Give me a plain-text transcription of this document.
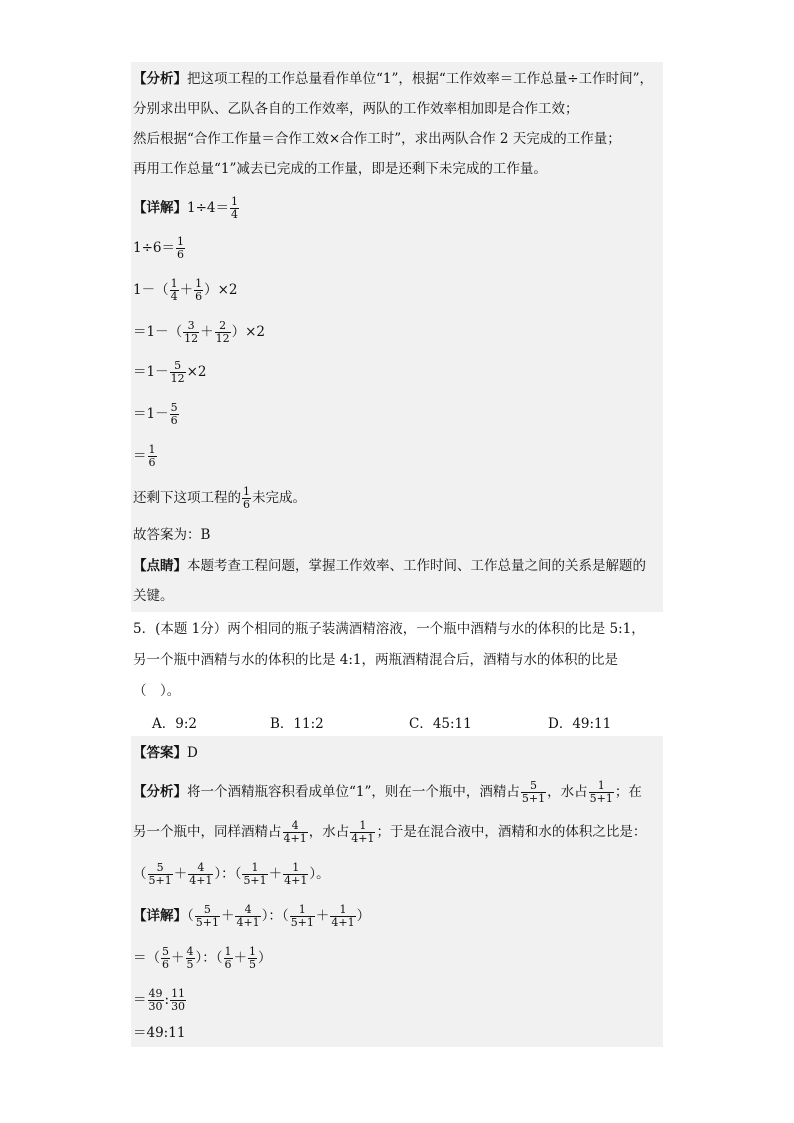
【分析】把这项工程的工作总量看作单位“1”，根据“工作效率＝工作总量÷工作时间”，
分别求出甲队、乙队各自的工作效率，两队的工作效率相加即是合作工效；
然后根据“合作工作量＝合作工效×合作工时”，求出两队合作 2 天完成的工作量；
再用工作总量“1”减去已完成的工作量，即是还剩下未完成的工作量。
【详解】$1\div 4= \frac{1}{4}$
$1\div 6= \frac{1}{6}$
$1-( \frac{1}{4} + \frac{1}{6} )\times 2$
$=1-( \frac{3}{12} + \frac{2}{12} )\times 2$
$=1- \frac{5}{12} \times 2$
$=1- \frac{5}{6}$
＝ $\frac{1}{6}$
还剩下这项工程的 $\frac{1}{6}$ 未完成。
故答案为：B
【点睛】本题考查工程问题，掌握工作效率、工作时间、工作总量之间的关系是解题的
关键。
5．(本题 1分）两个相同的瓶子装满酒精溶液，一个瓶中酒精与水的体积的比是 5:1，
另一个瓶中酒精与水的体积的比是 4:1，两瓶酒精混合后，酒精与水的体积的比是
（　）。
A．9:2	B．11:2	C．45:11	D．49:11
【答案】D
【分析】将一个酒精瓶容积看成单位“1”，则在一个瓶中，酒精占 $\frac{5}{5+1}$ ，水占 $\frac{1}{5+1}$ ；在
另一个瓶中，同样酒精占 $\frac{4}{4+1}$ ，水占 $\frac{1}{4+1}$ ；于是在混合液中，酒精和水的体积之比是：
（ $\frac{5}{5+1} + \frac{4}{4+1}$ ）：（ $\frac{1}{5+1} + \frac{1}{4+1}$ ）。
【详解】（ $\frac{5}{5+1} + \frac{4}{4+1}$ ）：（ $\frac{1}{5+1} + \frac{1}{4+1}$ ）
＝（ $\frac{5}{6} + \frac{4}{5}$ ）：（ $\frac{1}{6} + \frac{1}{5}$ ）
＝ $\frac{49}{30}$ : $\frac{11}{30}$
＝49:11
